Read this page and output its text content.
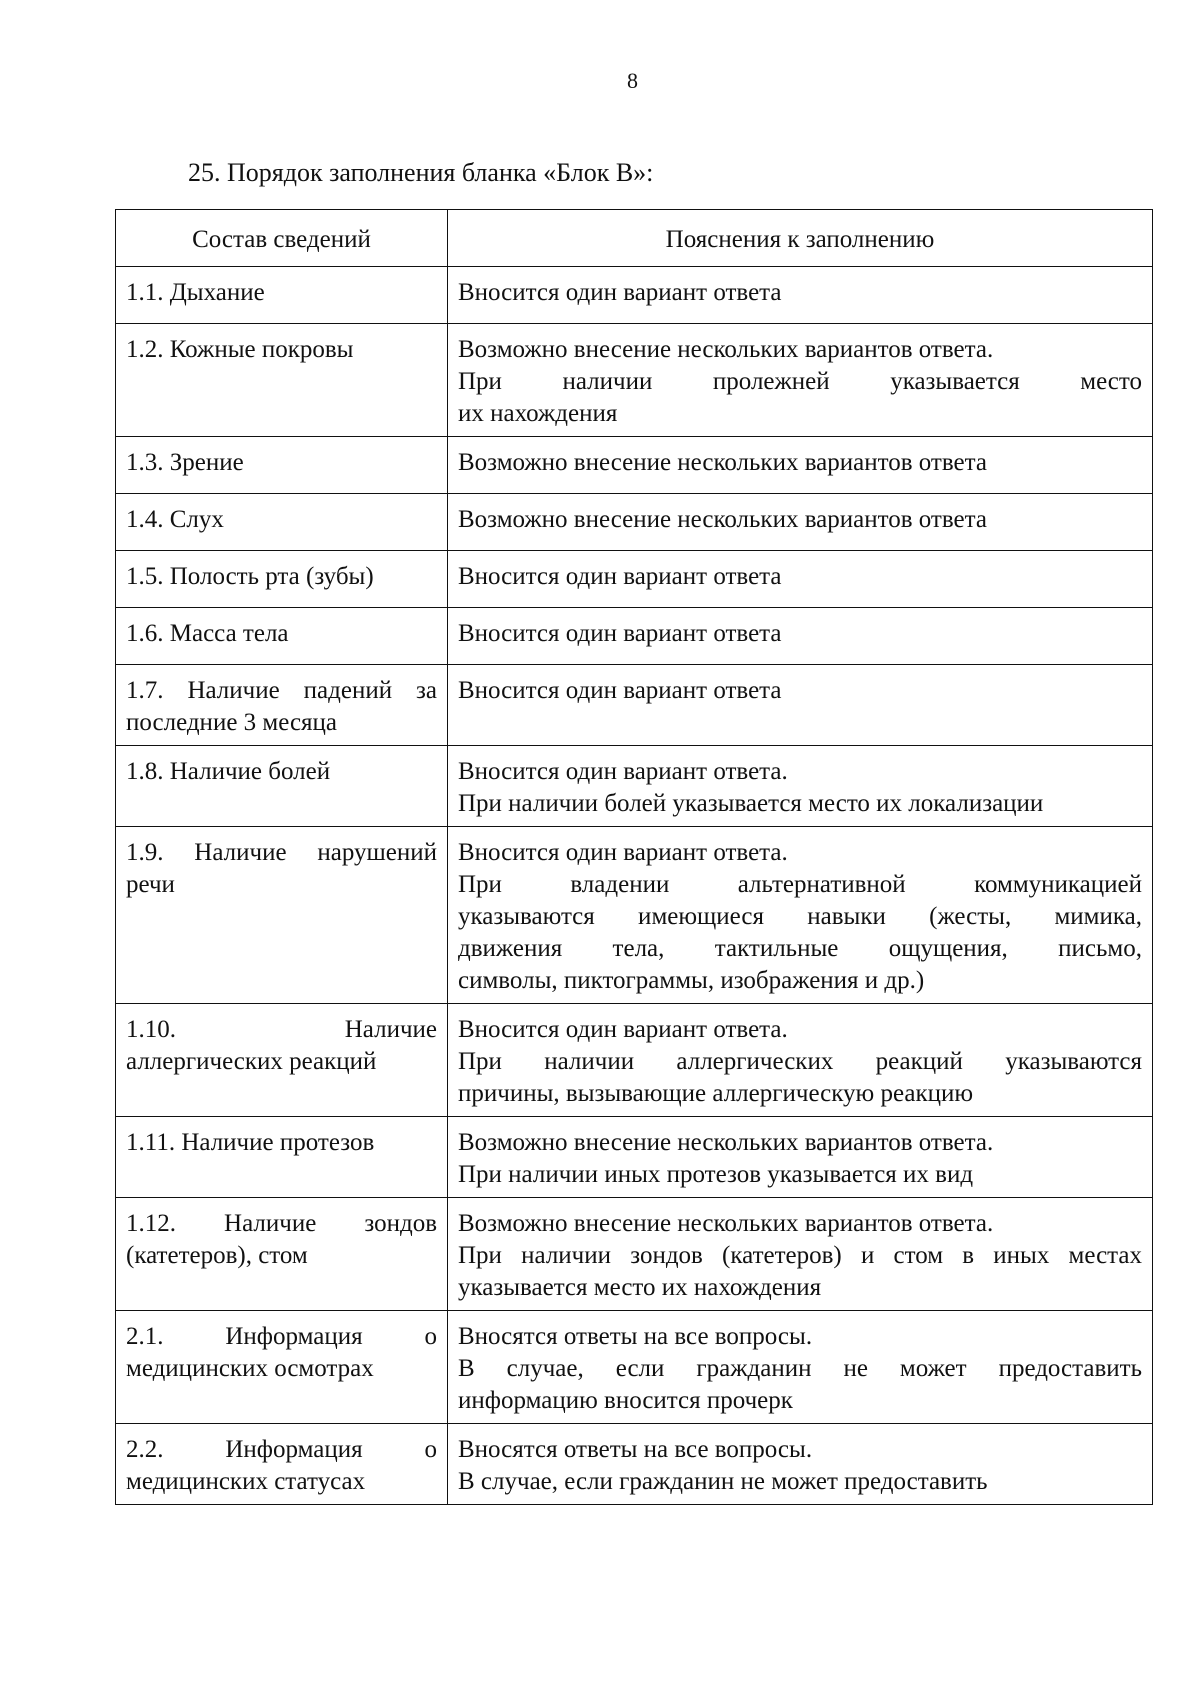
8
25. Порядок заполнения бланка «Блок В»:
Состав сведений	Пояснения к заполнению
1.1. Дыхание	Вносится один вариант ответа

1.2. Кожные покровы	Возможно внесение нескольких вариантов ответа.
При наличии пролежней указывается место
их нахождения

1.3. Зрение	Возможно внесение нескольких вариантов ответа

1.4. Слух	Возможно внесение нескольких вариантов ответа

1.5. Полость рта (зубы)	Вносится один вариант ответа

1.6. Масса тела	Вносится один вариант ответа

1.7. Наличие падений за последние 3 месяца	Вносится один вариант ответа

1.8. Наличие болей	Вносится один вариант ответа.
При наличии болей указывается место их локализации

1.9. Наличие нарушений речи	Вносится один вариант ответа.
При владении альтернативной коммуникацией
указываются имеющиеся навыки (жесты, мимика,
движения тела, тактильные ощущения, письмо,
символы, пиктограммы, изображения и др.)

1.10. Наличие аллергических реакций	Вносится один вариант ответа.
При наличии аллергических реакций указываются
причины, вызывающие аллергическую реакцию

1.11. Наличие протезов	Возможно внесение нескольких вариантов ответа.
При наличии иных протезов указывается их вид

1.12. Наличие зондов (катетеров), стом	Возможно внесение нескольких вариантов ответа.
При наличии зондов (катетеров) и стом в иных местах
указывается место их нахождения

2.1. Информация о медицинских осмотрах	Вносятся ответы на все вопросы.
В случае, если гражданин не может предоставить
информацию вносится прочерк

2.2. Информация о медицинских статусах	Вносятся ответы на все вопросы.
В случае, если гражданин не может предоставить
